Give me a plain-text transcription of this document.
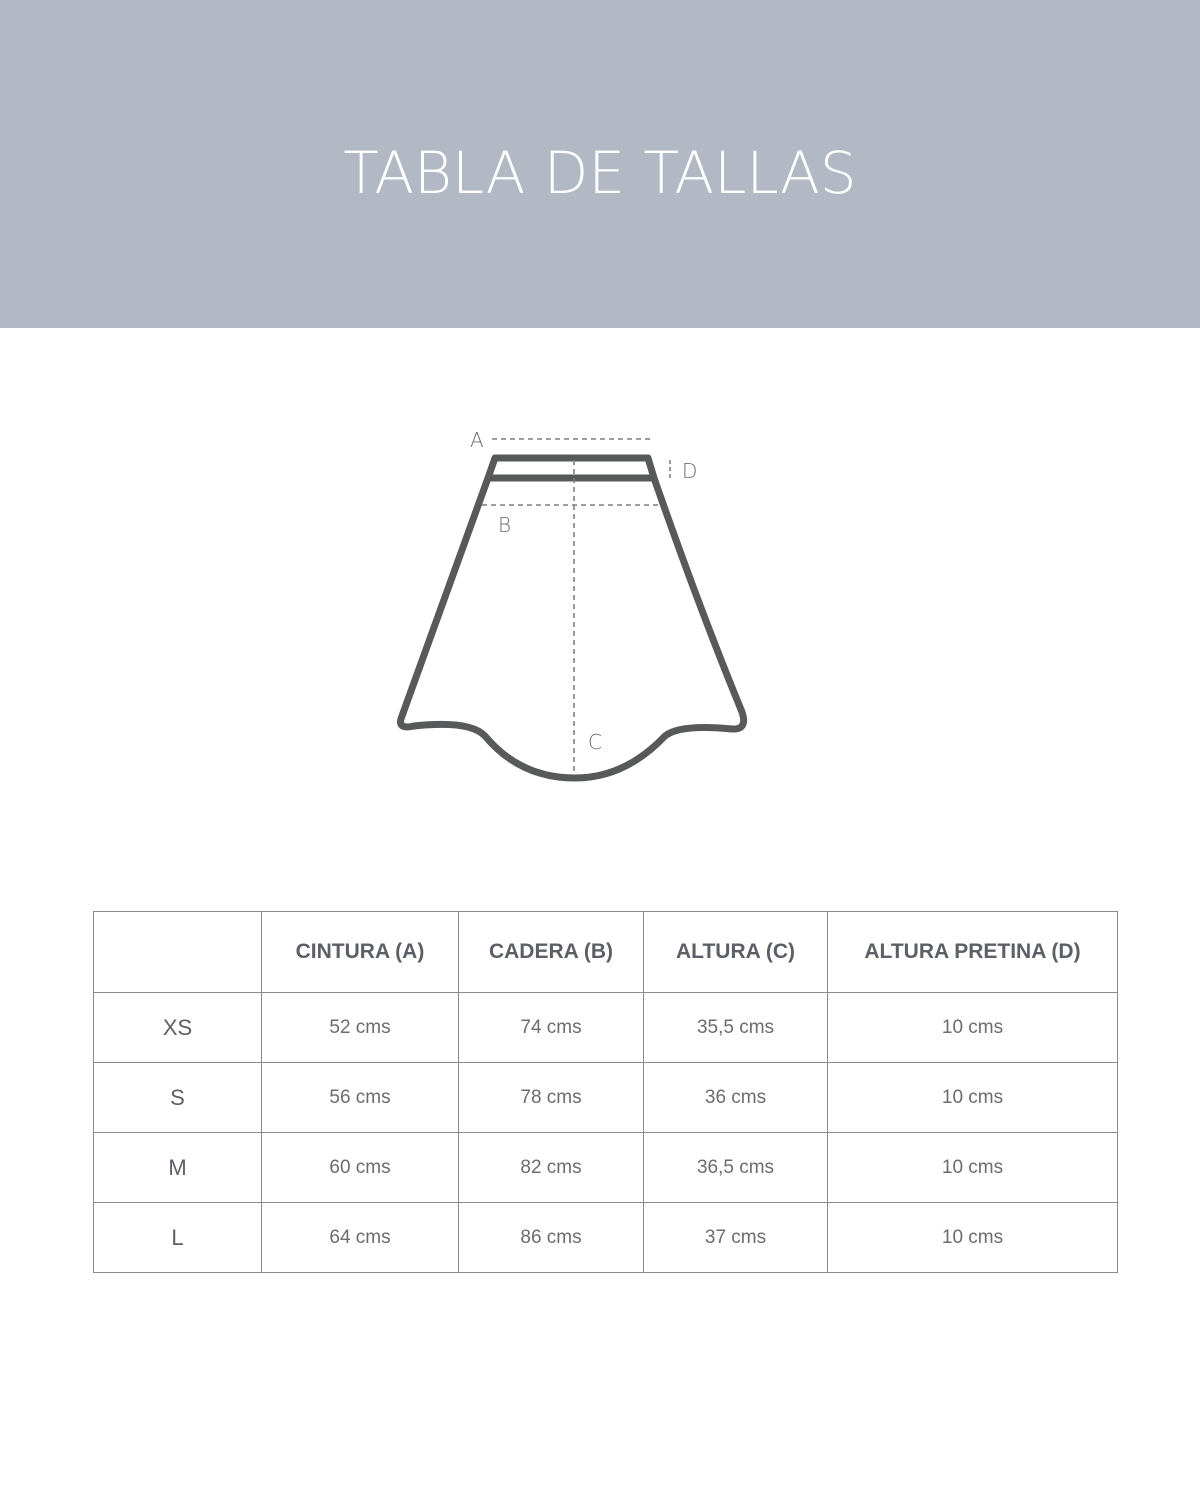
TABLA DE TALLAS
A
D
B
C
	CINTURA (A)	CADERA (B)	ALTURA (C)	ALTURA PRETINA (D)
XS	52 cms	74 cms	35,5 cms	10 cms
S	56 cms	78 cms	36 cms	10 cms
M	60 cms	82 cms	36,5 cms	10 cms
L	64 cms	86 cms	37 cms	10 cms
